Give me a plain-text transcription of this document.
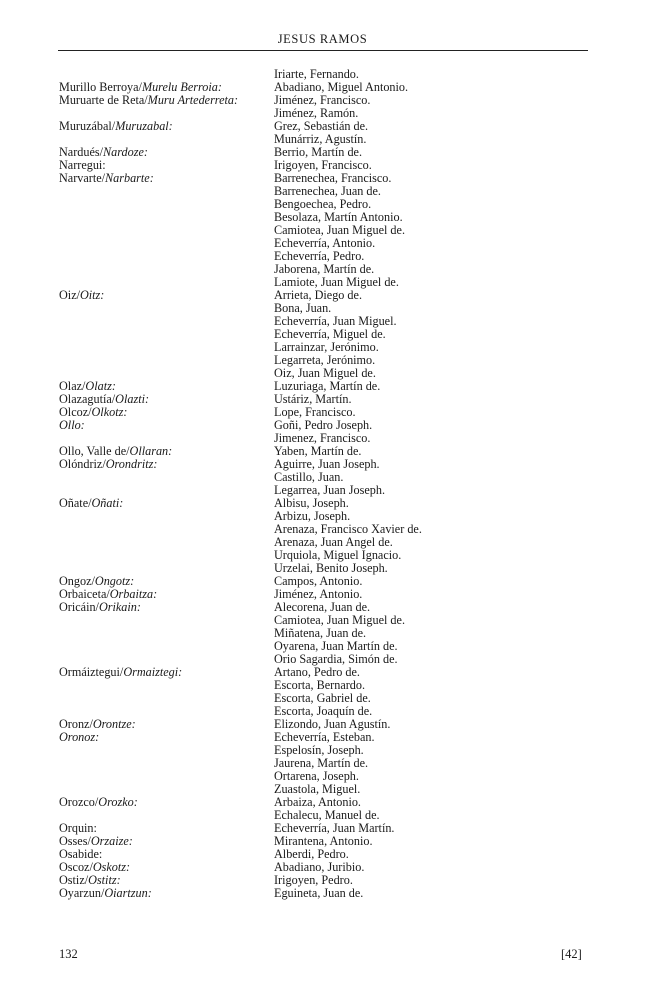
JESUS RAMOS
Iriarte, Fernando.
Murillo Berroya/Murelu Berroia:	Abadiano, Miguel Antonio.
Muruarte de Reta/Muru Artederreta:	Jiménez, Francisco.
Jiménez, Ramón.
Muruzábal/Muruzabal:	Grez, Sebastián de.
Munárriz, Agustín.
Nardués/Nardoze:	Berrio, Martín de.
Narregui:	Irigoyen, Francisco.
Narvarte/Narbarte:	Barrenechea, Francisco.
Barrenechea, Juan de.
Bengoechea, Pedro.
Besolaza, Martín Antonio.
Camiotea, Juan Miguel de.
Echeverría, Antonio.
Echeverría, Pedro.
Jaborena, Martín de.
Lamiote, Juan Miguel de.
Oiz/Oitz:	Arrieta, Diego de.
Bona, Juan.
Echeverría, Juan Miguel.
Echeverría, Miguel de.
Larrainzar, Jerónimo.
Legarreta, Jerónimo.
Oiz, Juan Miguel de.
Olaz/Olatz:	Luzuriaga, Martín de.
Olazagutía/Olazti:	Ustáriz, Martín.
Olcoz/Olkotz:	Lope, Francisco.
Ollo:	Goñi, Pedro Joseph.
Jimenez, Francisco.
Ollo, Valle de/Ollaran:	Yaben, Martín de.
Olóndriz/Orondritz:	Aguirre, Juan Joseph.
Castillo, Juan.
Legarrea, Juan Joseph.
Oñate/Oñati:	Albisu, Joseph.
Arbizu, Joseph.
Arenaza, Francisco Xavier de.
Arenaza, Juan Angel de.
Urquiola, Miguel Ignacio.
Urzelai, Benito Joseph.
Ongoz/Ongotz:	Campos, Antonio.
Orbaiceta/Orbaitza:	Jiménez, Antonio.
Oricáin/Orikain:	Alecorena, Juan de.
Camiotea, Juan Miguel de.
Miñatena, Juan de.
Oyarena, Juan Martín de.
Orio Sagardia, Simón de.
Ormáiztegui/Ormaiztegi:	Artano, Pedro de.
Escorta, Bernardo.
Escorta, Gabriel de.
Escorta, Joaquín de.
Oronz/Orontze:	Elizondo, Juan Agustín.
Oronoz:	Echeverría, Esteban.
Espelosín, Joseph.
Jaurena, Martín de.
Ortarena, Joseph.
Zuastola, Miguel.
Orozco/Orozko:	Arbaiza, Antonio.
Echalecu, Manuel de.
Orquin:	Echeverría, Juan Martín.
Osses/Orzaize:	Mirantena, Antonio.
Osabide:	Alberdi, Pedro.
Oscoz/Oskotz:	Abadiano, Juribio.
Ostiz/Ostitz:	Irigoyen, Pedro.
Oyarzun/Oiartzun:	Eguineta, Juan de.
132	[42]
